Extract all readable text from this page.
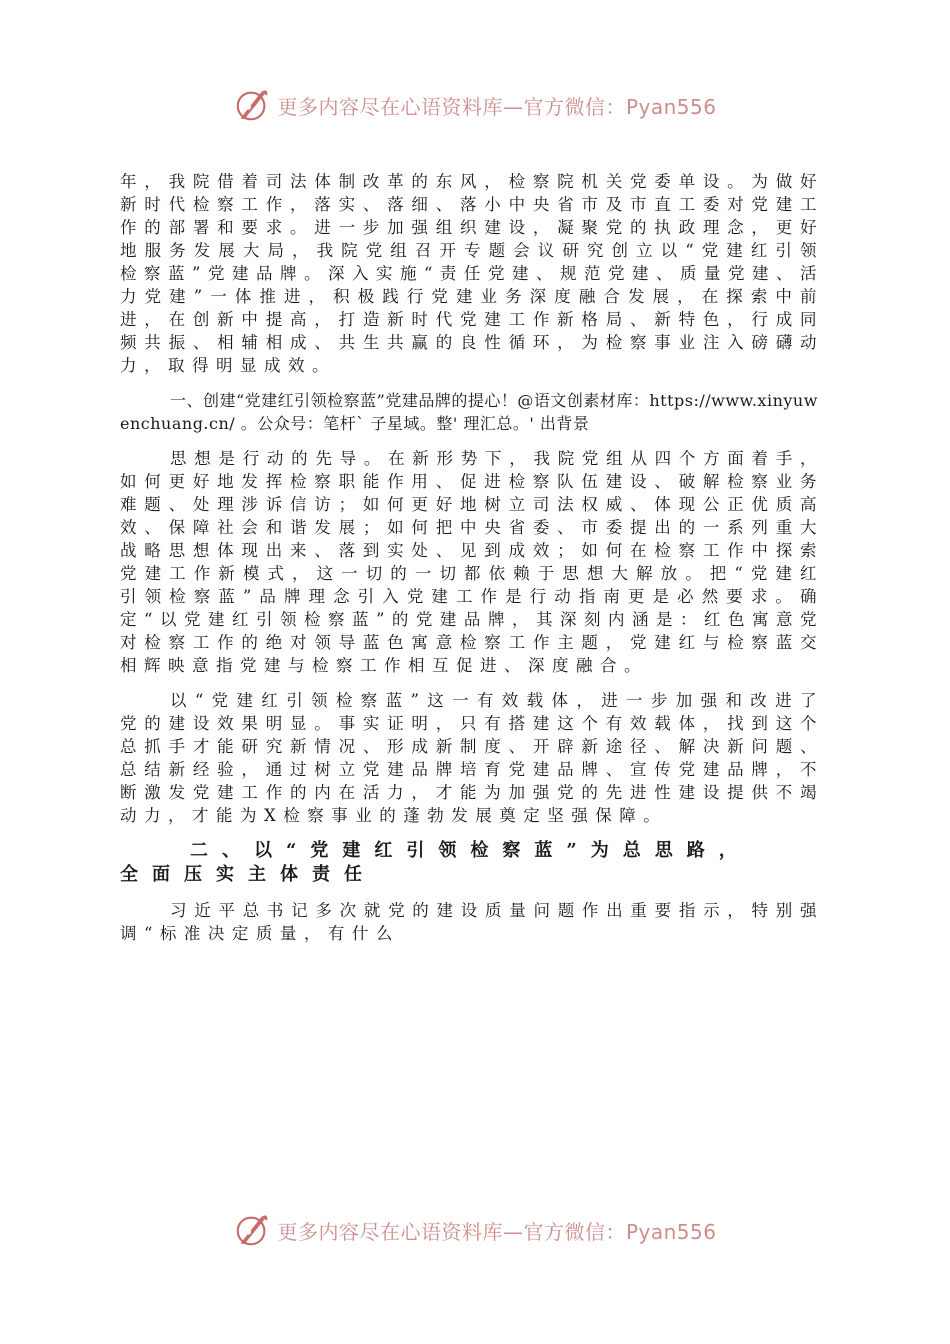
更多内容尽在心语资料库—官方微信：Pyan556

年，我院借着司法体制改革的东风，检察院机关党委单设。为做好新时代检察工作，落实、落细、落小中央省市及市直工委对党建工作的部署和要求。进一步加强组织建设，凝聚党的执政理念，更好地服务发展大局，我院党组召开专题会议研究创立以“党建红引领检察蓝”党建品牌。深入实施“责任党建、规范党建、质量党建、活力党建”一体推进，积极践行党建业务深度融合发展，在探索中前进，在创新中提高，打造新时代党建工作新格局、新特色，行成同频共振、相辅相成、共生共赢的良性循环，为检察事业注入磅礴动力，取得明显成效。

一、创建“党建红引领检察蓝”党建品牌的提心！@语文创素材库：https://www.xinyuwenchuang.cn/ 。公众号：笔杆` 子星域。整' 理汇总。' 出背景

思想是行动的先导。在新形势下，我院党组从四个方面着手，如何更好地发挥检察职能作用、促进检察队伍建设、破解检察业务难题、处理涉诉信访；如何更好地树立司法权威、体现公正优质高效、保障社会和谐发展；如何把中央省委、市委提出的一系列重大战略思想体现出来、落到实处、见到成效；如何在检察工作中探索党建工作新模式，这一切的一切都依赖于思想大解放。把“党建红引领检察蓝”品牌理念引入党建工作是行动指南更是必然要求。确定“以党建红引领检察蓝”的党建品牌，其深刻内涵是：红色寓意党对检察工作的绝对领导蓝色寓意检察工作主题，党建红与检察蓝交相辉映意指党建与检察工作相互促进、深度融合。

以“党建红引领检察蓝”这一有效载体，进一步加强和改进了党的建设效果明显。事实证明，只有搭建这个有效载体，找到这个总抓手才能研究新情况、形成新制度、开辟新途径、解决新问题、总结新经验，通过树立党建品牌培育党建品牌、宣传党建品牌，不断激发党建工作的内在活力，才能为加强党的先进性建设提供不竭动力，才能为X检察事业的蓬勃发展奠定坚强保障。

二、以“党建红引领检察蓝”为总思路，
全面压实主体责任

习近平总书记多次就党的建设质量问题作出重要指示，特别强调“标准决定质量，有什么

更多内容尽在心语资料库—官方微信：Pyan556
